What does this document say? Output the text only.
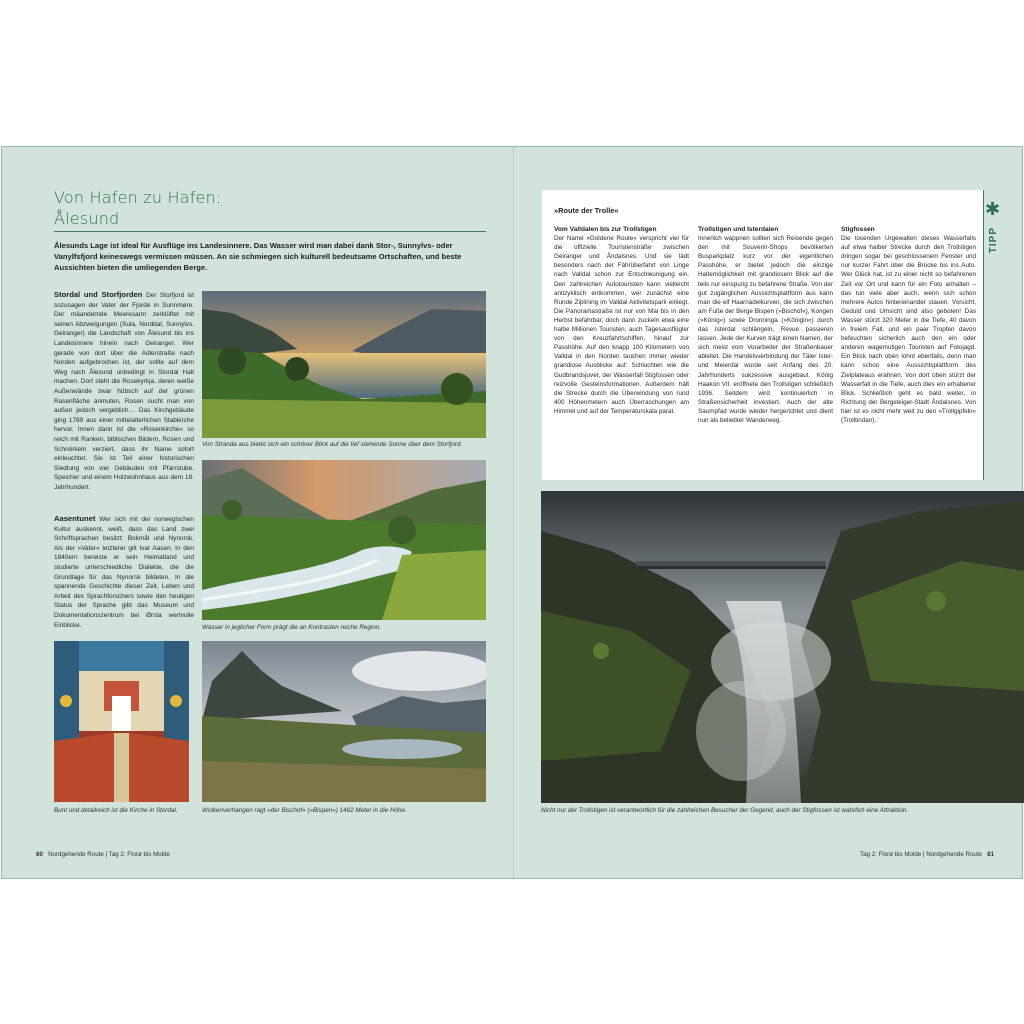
Von Hafen zu Hafen:
Ålesund

Ålesunds Lage ist ideal für Ausflüge ins Landesinnere. Das Wasser wird man dabei dank Stor-, Sunnylvs- oder Vanylfsfjord keineswegs vermissen müssen. An sie schmiegen sich kulturell bedeutsame Ortschaften, und beste Aussichten bieten die umliegenden Berge.

Stordal und Storfjorden Der Storfjord ist sozusagen der Vater der Fjorde in Sunnmøre. Der mäandernde Meeresarm zerklüftet mit seinen Abzweigungen (Sula, Norddal, Sunnylvs, Geiranger) die Landschaft von Ålesund bis ins Landesinnere hinein nach Geiranger. Wer gerade von dort über die Adlerstraße nach Norden aufgebrochen ist, der sollte auf dem Weg nach Ålesund unbedingt in Stordal Halt machen. Dort steht die Rosekyrkja, deren weiße Außenwände zwar hübsch auf der grünen Rasenfläche anmuten, Rosen sucht man von außen jedoch vergeblich… Das Kirchgebäude ging 1789 aus einer mittelalterlichen Stabkirche hervor. Innen dann ist die »Rosenkirche« so reich mit Ranken, biblischen Bildern, Rosen und Schnörkeln verziert, dass ihr Name sofort einleuchtet. Sie ist Teil einer historischen Siedlung von vier Gebäuden mit Pfarrstube, Speicher und einem Holzwohnhaus aus dem 18. Jahrhundert.
Aasentunet Wer sich mit der norwegischen Kultur auskennt, weiß, dass das Land zwei Schriftsprachen besitzt: Bokmål und Nynorsk. Als der »Vater« letzterer gilt Ivar Aasen. In den 1840ern bereiste er sein Heimatland und studierte unterschiedliche Dialekte, die die Grundlage für das Nynorsk bildeten. In die spannende Geschichte dieser Zeit, Leben und Arbeit des Sprachforschers sowie den heutigen Status der Sprache gibt das Museum und Dokumentationszentrum bei Ørsta wertvolle Einblicke.
Von Stranda aus bietet sich ein schöner Blick auf die tief stehende Sonne über dem Storfjord.
Wasser in jeglicher Form prägt die an Kontrasten reiche Region.
Bunt und detailreich ist die Kirche in Stordal.	Wolkenverhangen ragt »der Bischof« (»Bispen«) 1462 Meter in die Höhe.
80 Nordgehende Route | Tag 2: Florø bis Molde
✱
TIPP
»Route der Trolle«
Vom Valldalen bis zur Trollstigen
Der Name »Goldene Route« verspricht viel für die offizielle Touristenstraße zwischen Geiranger und Åndalsnes. Und sie lädt besonders nach der Fährüberfahrt von Linge nach Valldal schon zur Entschleunigung ein. Den zahlreichen Autotouristen kann vielleicht antizyklisch entkommen, wer zunächst eine Runde Ziplining im Valldal Aktivitetspark einlegt. Die Panoramastraße ist nur von Mai bis in den Herbst befahrbar, doch dann zuckeln etwa eine halbe Millionen Touristen, auch Tagesausflügler von den Kreuzfahrtschiffen, hinauf zur Passhöhe. Auf den knapp 100 Kilometern von Valldal in den Norden tauchen immer wieder grandiose Ausblicke auf: Schluchten wie die Gudbrandsjuvet, der Wasserfall Stigfossen oder reizvolle Gesteinsformationen. Außerdem hält die Strecke durch die Überwindung von rund 400 Höhenmetern auch Überraschungen am Himmel und auf der Temperaturskala parat.
Trollstigen und Isterdalen
Innerlich wappnen sollten sich Reisende gegen den mit Souvenir-Shops bevölkerten Busparkplatz kurz vor der eigentlichen Passhöhe, er bietet jedoch die einzige Haltemöglichkeit mit grandiosem Blick auf die teils nur einspurig zu befahrene Straße. Von der gut zugänglichen Aussichtsplattform aus kann man die elf Haarnadelkurven, die sich zwischen am Fuße der Berge Bispen (»Bischof«), Kongen (»König«) sowie Dronninga (»Königin«) durch das Isterdal schlängeln, Revue passieren lassen. Jede der Kurven trägt einen Namen, der sich meist vom Vorarbeiter der Straßenbauer ableitet. Die Handelsverbindung der Täler Ister- und Meierdal wurde seit Anfang des 20. Jahrhunderts sukzessive ausgebaut. König Haakon VII. eröffnete den Trollstigen schließlich 1936. Seitdem wird kontinuierlich in Straßensicherheit investiert. Auch der alte Saumpfad wurde wieder hergerichtet und dient nun als beliebter Wanderweg.
Stigfossen
Die tosenden Urgewalten dieses Wasserfalls auf etwa halber Strecke durch den Trollstigen dringen sogar bei geschlossenem Fenster und nur kurzer Fahrt über die Brücke bis ins Auto. Wer Glück hat, ist zu einer nicht so befahrenen Zeit vor Ort und kann für ein Foto anhalten – das tun viele aber auch, wenn sich schon mehrere Autos hintereinander stauen. Vorsicht, Geduld und Umsicht sind also geboten! Das Wasser stürzt 320 Meter in die Tiefe, 40 davon in freiem Fall, und ein paar Tropfen davon befeuchten sicherlich auch den ein oder anderen wagemutigen Touristen auf Fotojagd. Ein Blick nach oben lohnt ebenfalls, denn man kann schon eine Aussichtsplattform des Zielplateaus erahnen. Von dort oben stürzt der Wasserfall in die Tiefe, auch dies ein erhabener Blick. Schließlich geht es bald weiter, in Richtung der Bergsteiger-Stadt Åndalsnes. Von hier ist es nicht mehr weit zu den »Trollgipfeln« (Trolltindan).
Nicht nur der Trollstigen ist verantwortlich für die zahlreichen Besucher der Gegend, auch der Stigfossen ist wahrlich eine Attraktion.
Tag 2: Florø bis Molde | Nordgehende Route 81
